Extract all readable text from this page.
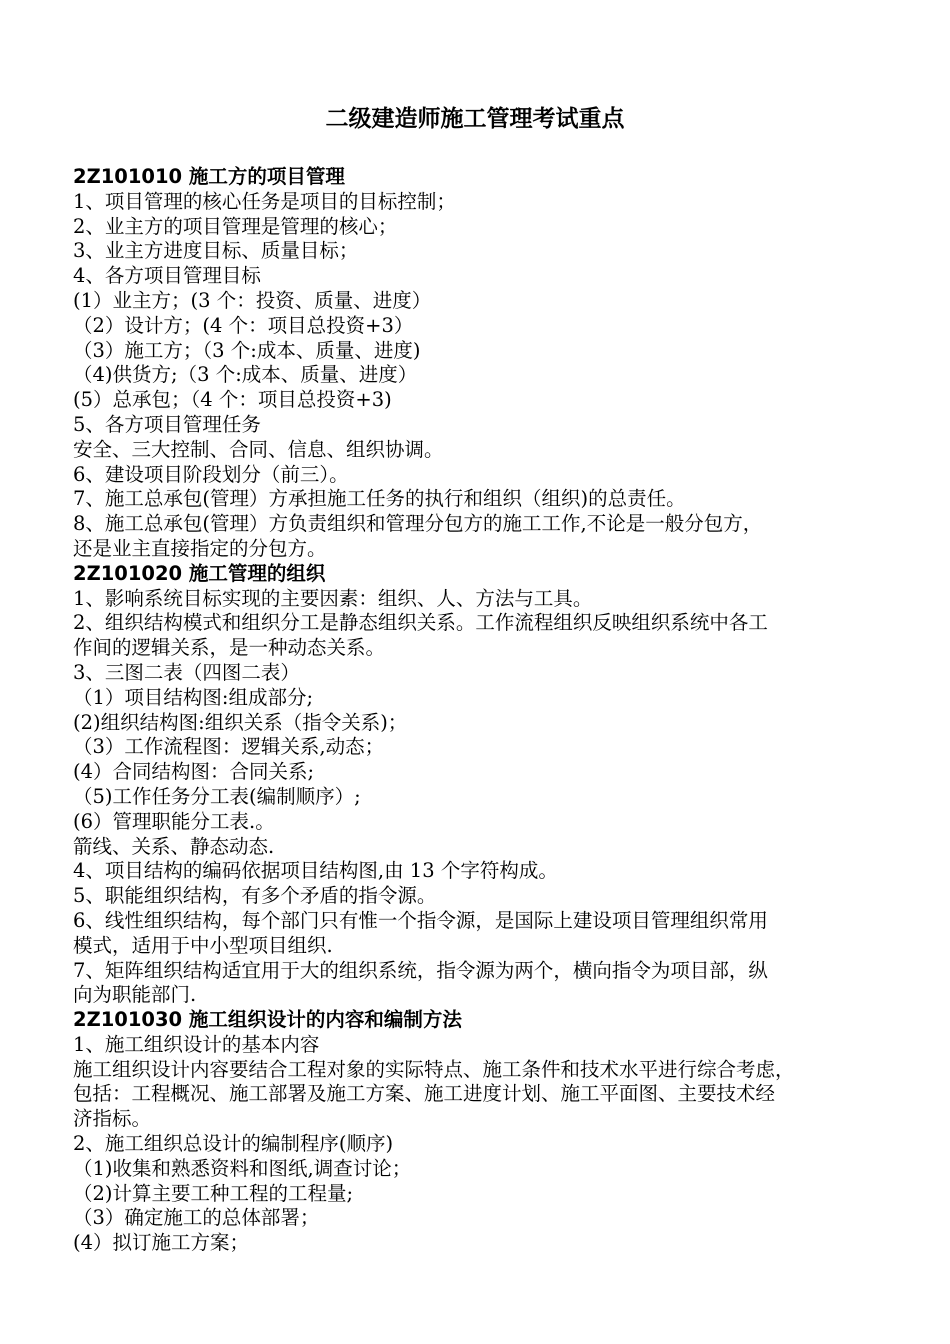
二级建造师施工管理考试重点
2Z101010 施工方的项目管理
1、项目管理的核心任务是项目的目标控制；
2、业主方的项目管理是管理的核心；
3、业主方进度目标、质量目标；
4、各方项目管理目标
(1）业主方；(3 个：投资、质量、进度）
（2）设计方；(4 个：项目总投资+3）
（3）施工方；（3 个:成本、质量、进度)
（4)供货方;（3 个:成本、质量、进度）
(5）总承包；（4 个：项目总投资+3)
5、各方项目管理任务
安全、三大控制、合同、信息、组织协调。
6、建设项目阶段划分（前三）。
7、施工总承包(管理）方承担施工任务的执行和组织（组织)的总责任。
8、施工总承包(管理）方负责组织和管理分包方的施工工作,不论是一般分包方，
还是业主直接指定的分包方。
2Z101020 施工管理的组织
1、影响系统目标实现的主要因素：组织、人、方法与工具。
2、组织结构模式和组织分工是静态组织关系。工作流程组织反映组织系统中各工
作间的逻辑关系，是一种动态关系。
3、三图二表（四图二表）
（1）项目结构图:组成部分;
(2)组织结构图:组织关系（指令关系)；
（3）工作流程图：逻辑关系,动态；
(4）合同结构图：合同关系;
（5)工作任务分工表(编制顺序）;
(6）管理职能分工表.。
箭线、关系、静态动态.
4、项目结构的编码依据项目结构图,由 13 个字符构成。
5、职能组织结构，有多个矛盾的指令源。
6、线性组织结构，每个部门只有惟一个指令源，是国际上建设项目管理组织常用
模式，适用于中小型项目组织.
7、矩阵组织结构适宜用于大的组织系统，指令源为两个，横向指令为项目部，纵
向为职能部门.
2Z101030 施工组织设计的内容和编制方法
1、施工组织设计的基本内容
施工组织设计内容要结合工程对象的实际特点、施工条件和技术水平进行综合考虑，
包括：工程概况、施工部署及施工方案、施工进度计划、施工平面图、主要技术经
济指标。
2、施工组织总设计的编制程序(顺序)
（1)收集和熟悉资料和图纸,调查讨论；
（2)计算主要工种工程的工程量;
（3）确定施工的总体部署；
(4）拟订施工方案；
